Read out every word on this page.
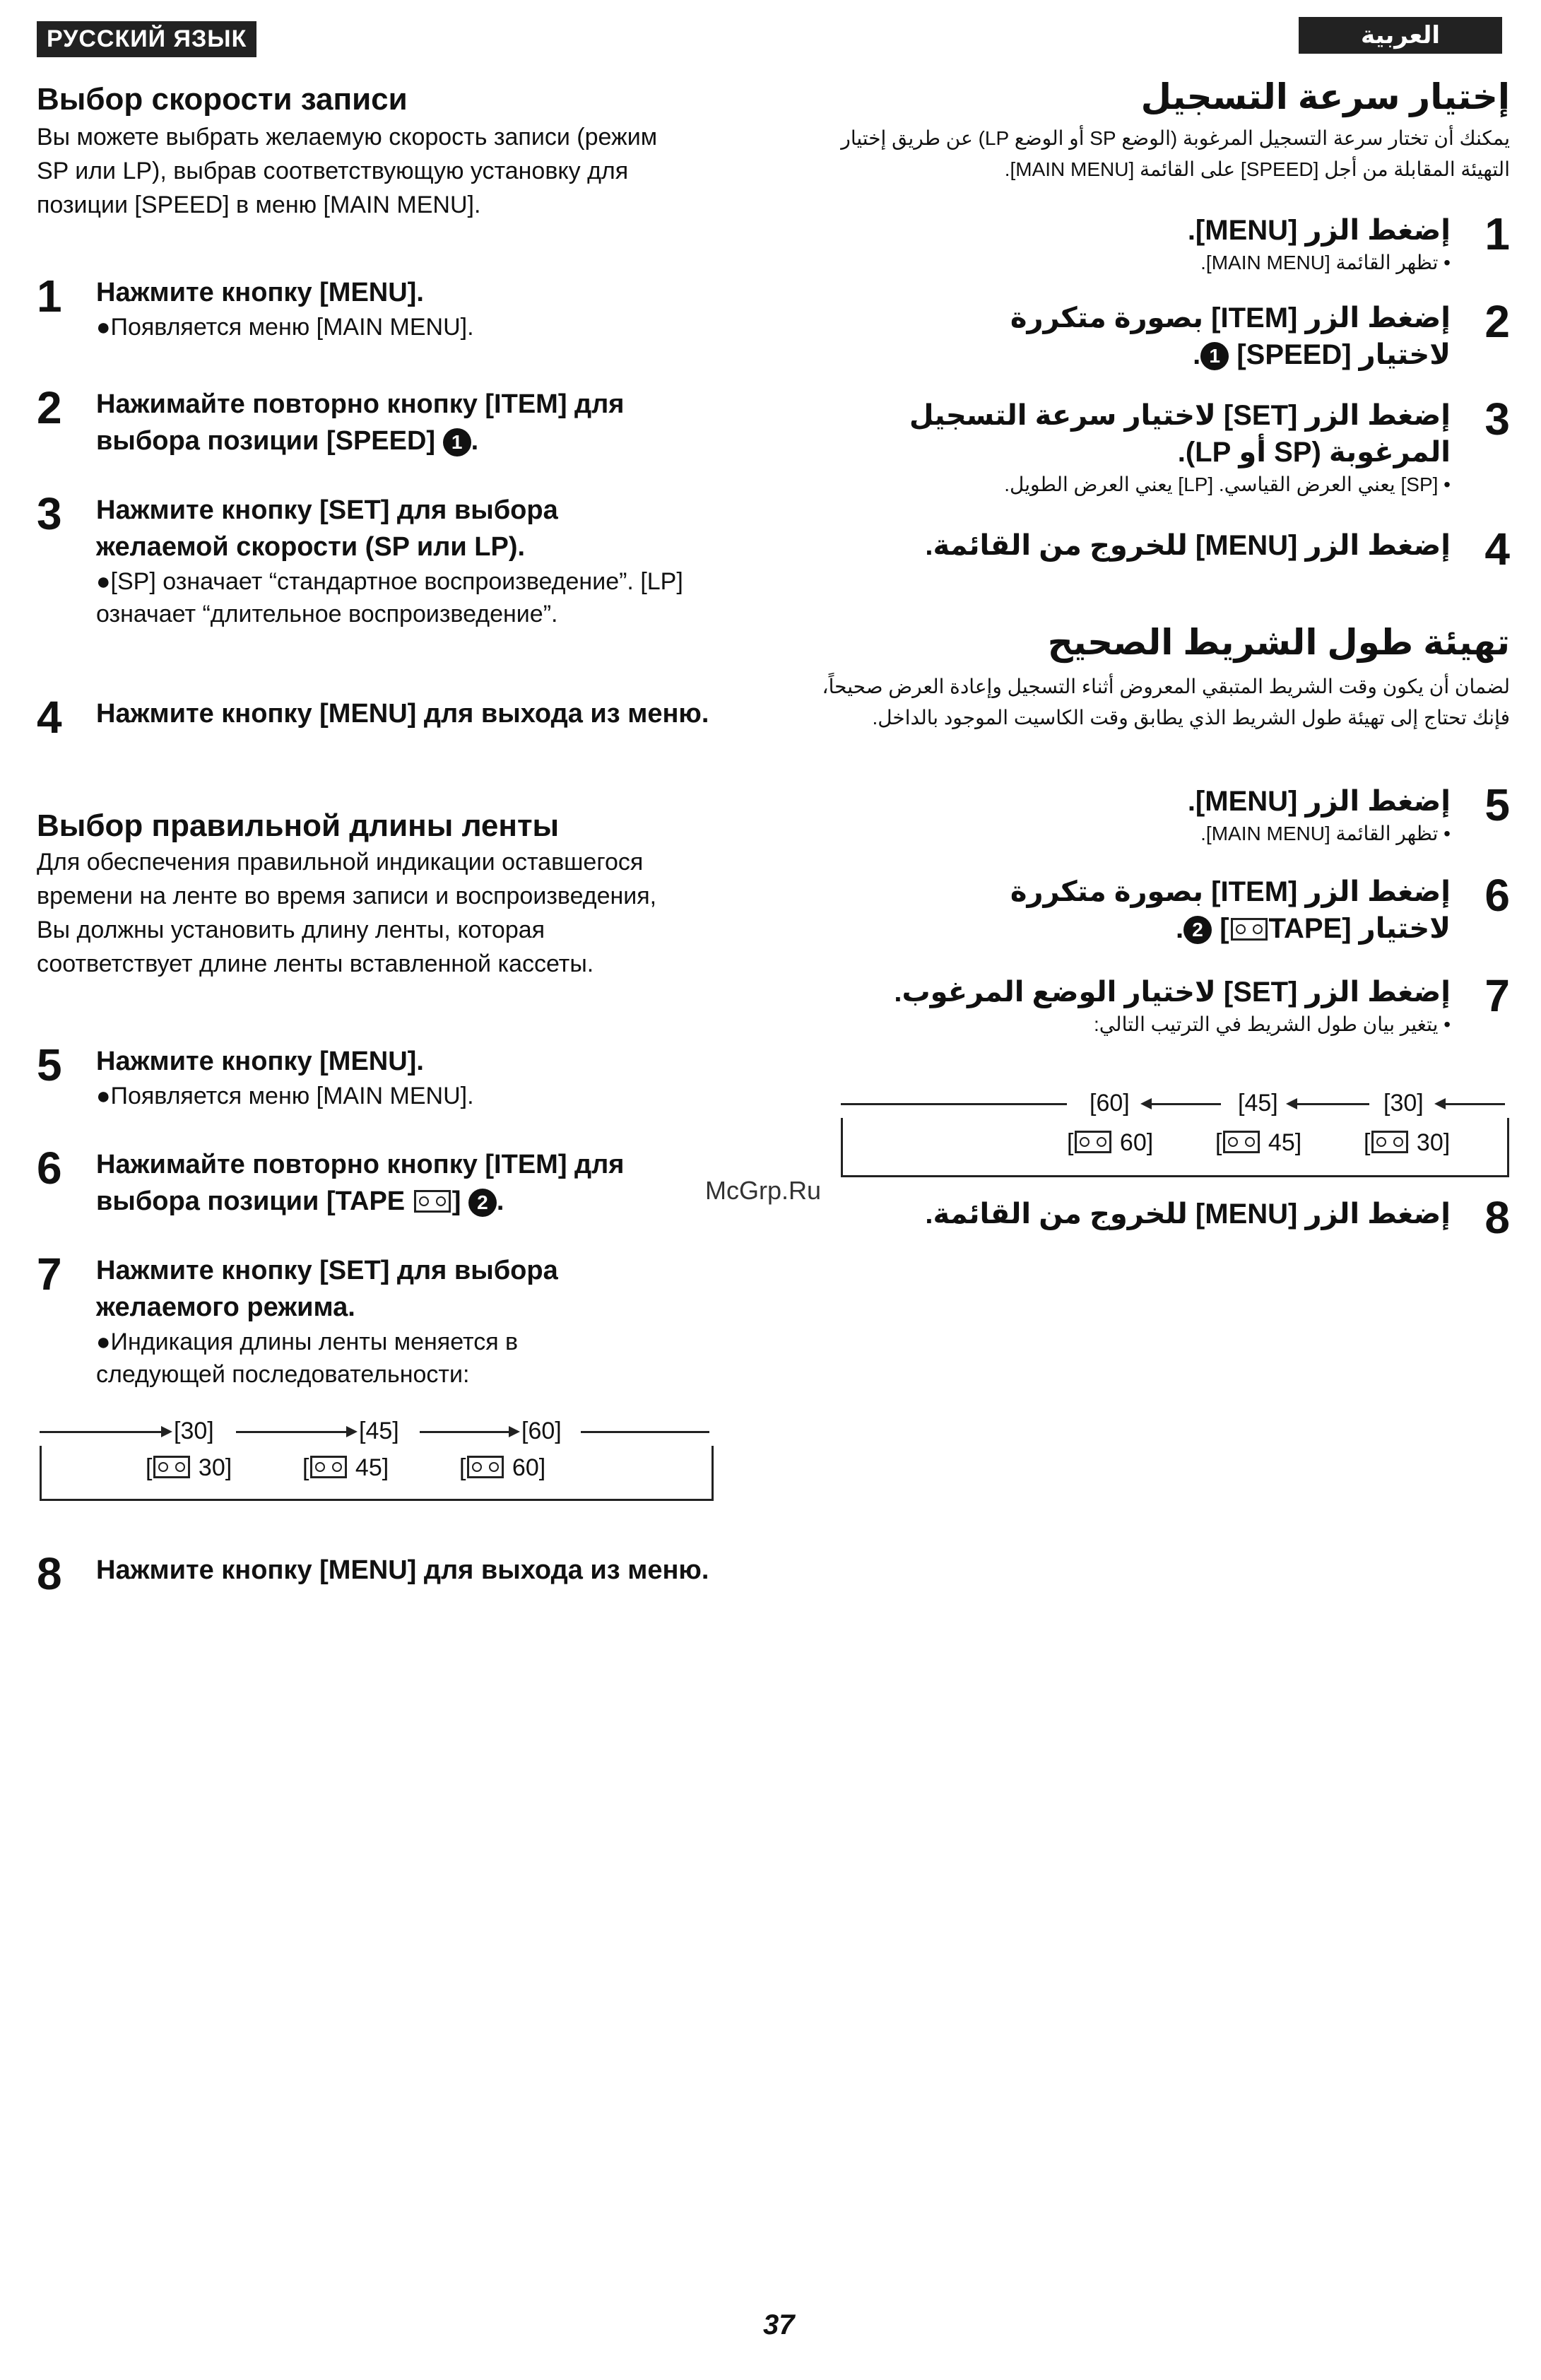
РУССКИЙ ЯЗЫК	العربية
Выбор скорости записи
Вы можете выбрать желаемую скорость записи (режим SP или LP), выбрав соответствующую установку для позиции [SPEED] в меню [MAIN MENU].
1 Нажмите кнопку [MENU].
●Появляется меню [MAIN MENU].
2 Нажимайте повторно кнопку [ITEM] для выбора позиции [SPEED] 1 .
3 Нажмите кнопку [SET] для выбора желаемой скорости (SP или LP).
●[SP] означает “стандартное воспроизведение”. [LP] означает “длительное воспроизведение”.
4 Нажмите кнопку [MENU] для выхода из меню.
Выбор правильной длины ленты
Для обеспечения правильной индикации оставшегося времени на ленте во время записи и воспроизведения, Вы должны установить длину ленты, которая соответствует длине ленты вставленной кассеты.
5 Нажмите кнопку [MENU].
●Появляется меню [MAIN MENU].
6 Нажимайте повторно кнопку [ITEM] для выбора позиции [TAPE ] 2 .
7 Нажмите кнопку [SET] для выбора желаемого режима.
●Индикация длины ленты меняется в следующей последовательности:
[30]	[45]	[60]
[ 30]	[ 45]	[ 60]
8 Нажмите кнопку [MENU] для выхода из меню.
إختيار سرعة التسجيل
يمكنك أن تختار سرعة التسجيل المرغوبة (الوضع SP أو الوضع LP) عن طريق إختيار التهيئة المقابلة من أجل [SPEED] على القائمة [MAIN MENU].
1
إضغط الزر [MENU].
• تظهر القائمة [MAIN MENU].
2
إضغط الزر [ITEM] بصورة متكررة لاختيار [SPEED] 1.
3
إضغط الزر [SET] لاختيار سرعة التسجيل المرغوبة (SP أو LP).
• [SP] يعني العرض القياسي. [LP] يعني العرض الطويل.
4
إضغط الزر [MENU] للخروج من القائمة.
تهيئة طول الشريط الصحيح
لضمان أن يكون وقت الشريط المتبقي المعروض أثناء التسجيل وإعادة العرض صحيحاً، فإنك تحتاج إلى تهيئة طول الشريط الذي يطابق وقت الكاسيت الموجود بالداخل.
5
إضغط الزر [MENU].
• تظهر القائمة [MAIN MENU].
6
إضغط الزر [ITEM] بصورة متكررة لاختيار [TAPE] 2.
7
إضغط الزر [SET] لاختيار الوضع المرغوب.
• يتغير بيان طول الشريط في الترتيب التالي:
[60]	[45]	[30]
[ 60]	[ 45]	[ 30]
8
إضغط الزر [MENU] للخروج من القائمة.
McGrp.Ru
37
